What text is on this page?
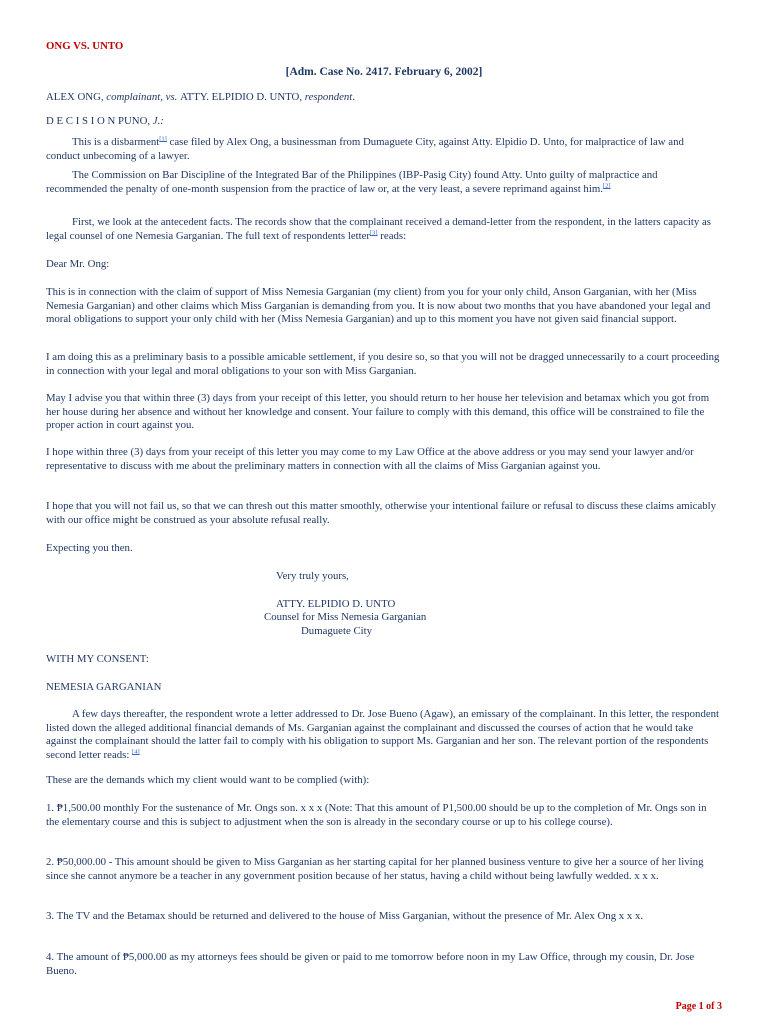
ONG VS. UNTO
[Adm. Case No. 2417. February 6, 2002]
ALEX ONG, complainant, vs. ATTY. ELPIDIO D. UNTO, respondent.
D E C I S I O N PUNO, J.:
This is a disbarment[1] case filed by Alex Ong, a businessman from Dumaguete City, against Atty. Elpidio D. Unto, for malpractice of law and conduct unbecoming of a lawyer.
The Commission on Bar Discipline of the Integrated Bar of the Philippines (IBP-Pasig City) found Atty. Unto guilty of malpractice and recommended the penalty of one-month suspension from the practice of law or, at the very least, a severe reprimand against him.[2]
First, we look at the antecedent facts. The records show that the complainant received a demand-letter from the respondent, in the latters capacity as legal counsel of one Nemesia Garganian. The full text of respondents letter[3] reads:
Dear Mr. Ong:
This is in connection with the claim of support of Miss Nemesia Garganian (my client) from you for your only child, Anson Garganian, with her (Miss Nemesia Garganian) and other claims which Miss Garganian is demanding from you. It is now about two months that you have abandoned your legal and moral obligations to support your only child with her (Miss Nemesia Garganian) and up to this moment you have not given said financial support.
I am doing this as a preliminary basis to a possible amicable settlement, if you desire so, so that you will not be dragged unnecessarily to a court proceeding in connection with your legal and moral obligations to your son with Miss Garganian.
May I advise you that within three (3) days from your receipt of this letter, you should return to her house her television and betamax which you got from her house during her absence and without her knowledge and consent. Your failure to comply with this demand, this office will be constrained to file the proper action in court against you.
I hope within three (3) days from your receipt of this letter you may come to my Law Office at the above address or you may send your lawyer and/or representative to discuss with me about the preliminary matters in connection with all the claims of Miss Garganian against you.
I hope that you will not fail us, so that we can thresh out this matter smoothly, otherwise your intentional failure or refusal to discuss these claims amicably with our office might be construed as your absolute refusal really.
Expecting you then.
Very truly yours,
ATTY. ELPIDIO D. UNTO
Counsel for Miss Nemesia Garganian
Dumaguete City
WITH MY CONSENT:
NEMESIA GARGANIAN
A few days thereafter, the respondent wrote a letter addressed to Dr. Jose Bueno (Agaw), an emissary of the complainant. In this letter, the respondent listed down the alleged additional financial demands of Ms. Garganian against the complainant and discussed the courses of action that he would take against the complainant should the latter fail to comply with his obligation to support Ms. Garganian and her son. The relevant portion of the respondents second letter reads: [4]
These are the demands which my client would want to be complied (with):
1. ₱1,500.00 monthly For the sustenance of Mr. Ongs son. x x x (Note: That this amount of P1,500.00 should be up to the completion of Mr. Ongs son in the elementary course and this is subject to adjustment when the son is already in the secondary course or up to his college course).
2. ₱50,000.00 - This amount should be given to Miss Garganian as her starting capital for her planned business venture to give her a source of her living since she cannot anymore be a teacher in any government position because of her status, having a child without being lawfully wedded. x x x.
3. The TV and the Betamax should be returned and delivered to the house of Miss Garganian, without the presence of Mr. Alex Ong x x x.
4. The amount of ₱5,000.00 as my attorneys fees should be given or paid to me tomorrow before noon in my Law Office, through my cousin, Dr. Jose Bueno.
Page 1 of 3
